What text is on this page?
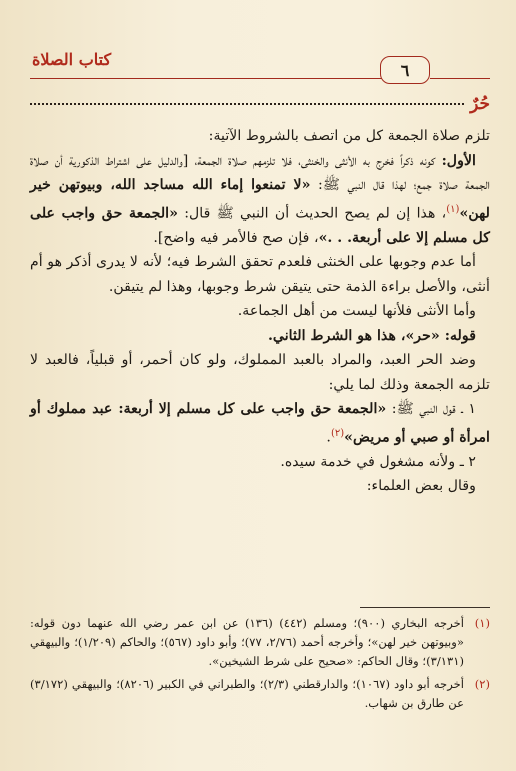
كتاب الصلاة
٦
حُرٌ

تلزم صلاة الجمعة كل من اتصف بالشروط الآتية:

الأول: كونه ذكراً فخرج به الأنثى والخنثى، فلا تلزمهم صلاة الجمعة، [والدليل على اشتراط الذكورية أن صلاة الجمعة صلاة جمع؛ لهذا قال النبي ﷺ: «لا تمنعوا إماء الله مساجد الله، وبيوتهن خير لهن»$^{(١)}$، هذا إن لم يصح الحديث أن النبي ﷺ قال: «الجمعة حق واجب على كل مسلم إلا على أربعة. . .»، فإن صح فالأمر فيه واضح].

أما عدم وجوبها على الخنثى فلعدم تحقق الشرط فيه؛ لأنه لا يدرى أذكر هو أم أنثى، والأصل براءة الذمة حتى يتيقن شرط وجوبها، وهذا لم يتيقن.

وأما الأنثى فلأنها ليست من أهل الجماعة.

قوله: «حر»، هذا هو الشرط الثاني.

وضد الحر العبد، والمراد بالعبد المملوك، ولو كان أحمر، أو قبلياً، فالعبد لا تلزمه الجمعة وذلك لما يلي:

١ ـ قول النبي ﷺ: «الجمعة حق واجب على كل مسلم إلا أربعة: عبد مملوك أو امرأة أو صبي أو مريض»$^{(٢)}$.

٢ ـ ولأنه مشغول في خدمة سيده.

وقال بعض العلماء:

(١)
أخرجه البخاري (٩٠٠)؛ ومسلم (٤٤٢) (١٣٦) عن ابن عمر رضي الله عنهما دون قوله: «وبيوتهن خير لهن»؛ وأخرجه أحمد (٢/٧٦، ٧٧)؛ وأبو داود (٥٦٧)؛ والحاكم (١/٢٠٩)؛ والبيهقي (٣/١٣١)؛ وقال الحاكم: «صحيح على شرط الشيخين».
(٢)
أخرجه أبو داود (١٠٦٧)؛ والدارقطني (٢/٣)؛ والطبراني في الكبير (٨٢٠٦)؛ والبيهقي (٣/١٧٢) عن طارق بن شهاب.
